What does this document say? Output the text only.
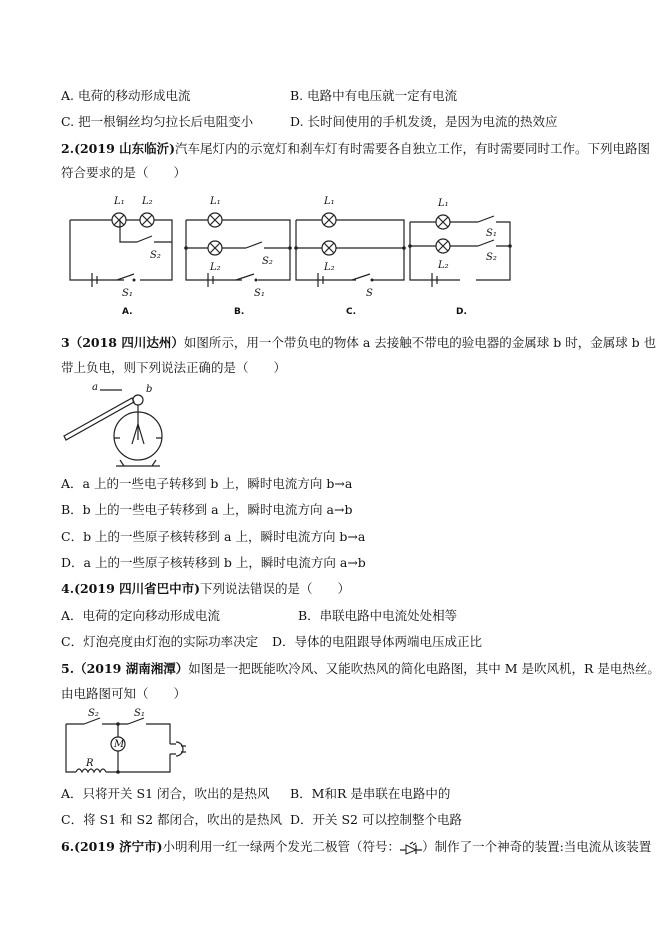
A. 电荷的移动形成电流	B. 电路中有电压就一定有电流
C. 把一根铜丝均匀拉长后电阻变小	D. 长时间使用的手机发烫，是因为电流的热效应
2.(2019 山东临沂)汽车尾灯内的示宽灯和刹车灯有时需要各自独立工作，有时需要同时工作。下列电路图
符合要求的是（　　）
L₁ L₂
S₂
S₁
A.
L₁
L₂
S₂
S₁
B.
L₁
L₂
S
C.
L₁
L₂
S₁
S₂
D.
3（2018 四川达州）如图所示，用一个带负电的物体 a 去接触不带电的验电器的金属球 b 时，金属球 b 也
带上负电，则下列说法正确的是（　　）
a	b
A．a 上的一些电子转移到 b 上，瞬时电流方向 b→a
B．b 上的一些电子转移到 a 上，瞬时电流方向 a→b
C．b 上的一些原子核转移到 a 上，瞬时电流方向 b→a
D．a 上的一些原子核转移到 b 上，瞬时电流方向 a→b
4.(2019 四川省巴中市)下列说法错误的是（　　）
A．电荷的定向移动形成电流	B．串联电路中电流处处相等
C．灯泡亮度由灯泡的实际功率决定 D．导体的电阻跟导体两端电压成正比
5.（2019 湖南湘潭）如图是一把既能吹冷风、又能吹热风的简化电路图，其中 M 是吹风机，R 是电热丝。
由电路图可知（　　）
M
S₂	S₁
R
A．只将开关 S1 闭合，吹出的是热风 B．M和R 是串联在电路中的
C．将 S1 和 S2 都闭合，吹出的是热风 D．开关 S2 可以控制整个电路
6.(2019 济宁市)小明利用一红一绿两个发光二极管（符号： ）制作了一个神奇的装置:当电流从该装置
